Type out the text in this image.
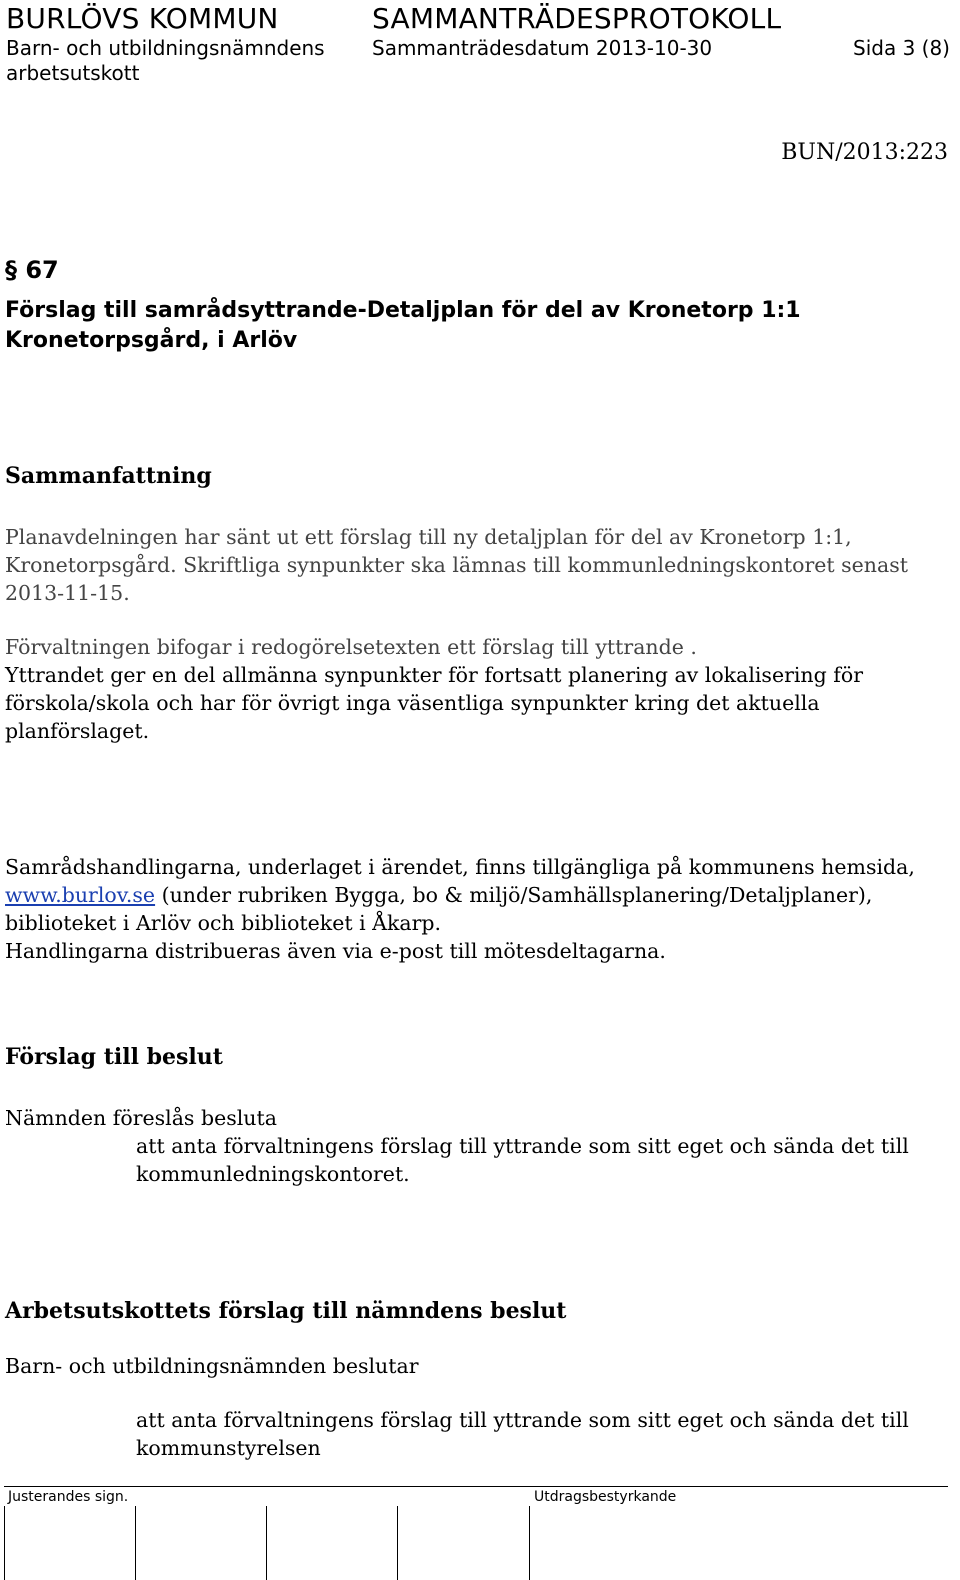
BURLÖVS KOMMUN	SAMMANTRÄDESPROTOKOLL
Barn- och utbildningsnämndens
arbetsutskott
Sammanträdesdatum 2013-10-30	Sida 3 (8)
BUN/2013:223
§ 67
Förslag till samrådsyttrande-Detaljplan för del av Kronetorp 1:1 Kronetorpsgård, i Arlöv
Sammanfattning
Planavdelningen har sänt ut ett förslag till ny detaljplan för del av Kronetorp 1:1, Kronetorpsgård. Skriftliga synpunkter ska lämnas till kommunledningskontoret senast 2013-11-15.
Förvaltningen bifogar i redogörelsetexten ett förslag till yttrande .
Yttrandet ger en del allmänna synpunkter för fortsatt planering av lokalisering för förskola/skola och har för övrigt inga väsentliga synpunkter kring det aktuella planförslaget.
Samrådshandlingarna, underlaget i ärendet, finns tillgängliga på kommunens hemsida, www.burlov.se (under rubriken Bygga, bo & miljö/Samhällsplanering/Detaljplaner), biblioteket i Arlöv och biblioteket i Åkarp.
Handlingarna distribueras även via e-post till mötesdeltagarna.
Förslag till beslut
Nämnden föreslås besluta
att anta förvaltningens förslag till yttrande som sitt eget och sända det till kommunledningskontoret.
Arbetsutskottets förslag till nämndens beslut
Barn- och utbildningsnämnden beslutar
att anta förvaltningens förslag till yttrande som sitt eget och sända det till kommunstyrelsen
Justerandes sign.	Utdragsbestyrkande
